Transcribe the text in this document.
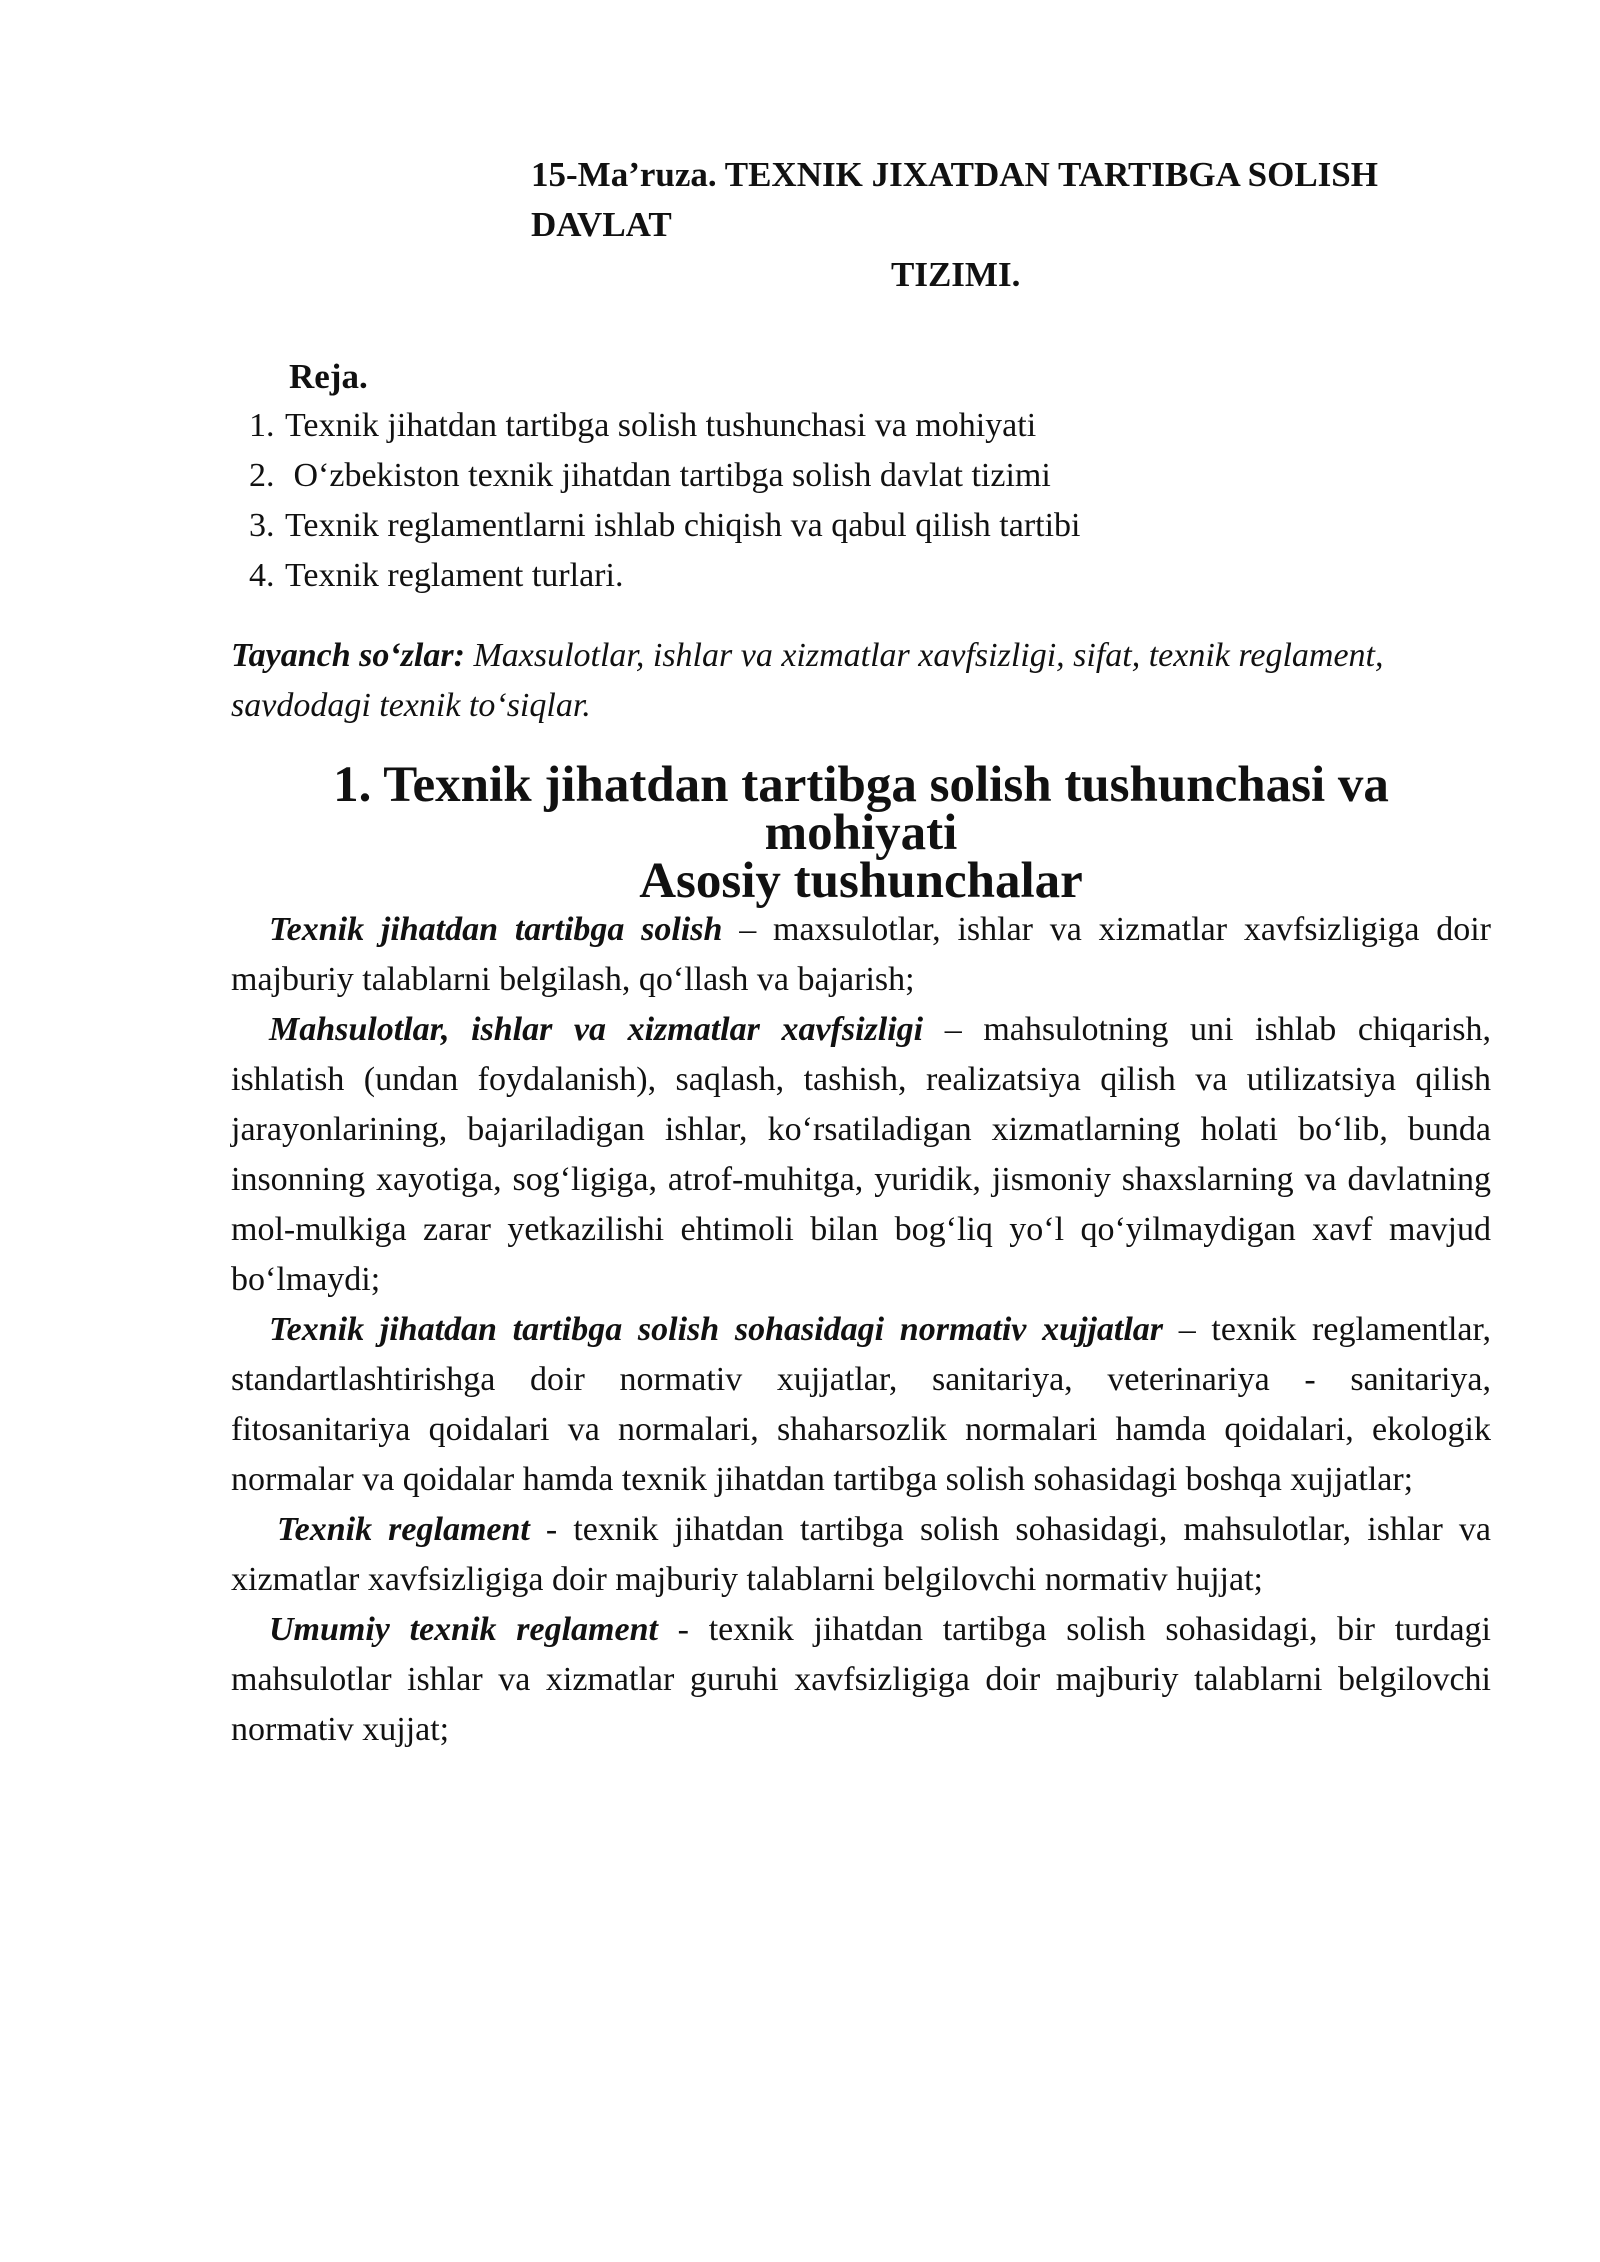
15-Ma’ruza. TEXNIK JIXATDAN TARTIBGA SOLISH DAVLAT
TIZIMI.
Reja.
1. Texnik jihatdan tartibga solish tushunchasi va mohiyati
2. O‘zbekiston texnik jihatdan tartibga solish davlat tizimi
3. Texnik reglamentlarni ishlab chiqish va qabul qilish tartibi
4. Texnik reglament turlari.

Tayanch so‘zlar: Maxsulotlar, ishlar va xizmatlar xavfsizligi, sifat, texnik reglament, savdodagi texnik to‘siqlar.

1. Texnik jihatdan tartibga solish tushunchasi va mohiyati
Asosiy tushunchalar

Texnik jihatdan tartibga solish – maxsulotlar, ishlar va xizmatlar xavfsizligiga doir majburiy talablarni belgilash, qo‘llash va bajarish;

Mahsulotlar, ishlar va xizmatlar xavfsizligi – mahsulotning uni ishlab chiqarish, ishlatish (undan foydalanish), saqlash, tashish, realizatsiya qilish va utilizatsiya qilish jarayonlarining, bajariladigan ishlar, ko‘rsatiladigan xizmatlarning holati bo‘lib, bunda insonning xayotiga, sog‘ligiga, atrof-muhitga, yuridik, jismoniy shaxslarning va davlatning mol-mulkiga zarar yetkazilishi ehtimoli bilan bog‘liq yo‘l qo‘yilmaydigan xavf mavjud bo‘lmaydi;

Texnik jihatdan tartibga solish sohasidagi normativ xujjatlar – texnik reglamentlar, standartlashtirishga doir normativ xujjatlar, sanitariya, veterinariya - sanitariya, fitosanitariya qoidalari va normalari, shaharsozlik normalari hamda qoidalari, ekologik normalar va qoidalar hamda texnik jihatdan tartibga solish sohasidagi boshqa xujjatlar;

Texnik reglament - texnik jihatdan tartibga solish sohasidagi, mahsulotlar, ishlar va xizmatlar xavfsizligiga doir majburiy talablarni belgilovchi normativ hujjat;

Umumiy texnik reglament - texnik jihatdan tartibga solish sohasidagi, bir turdagi mahsulotlar ishlar va xizmatlar guruhi xavfsizligiga doir majburiy talablarni belgilovchi normativ xujjat;
